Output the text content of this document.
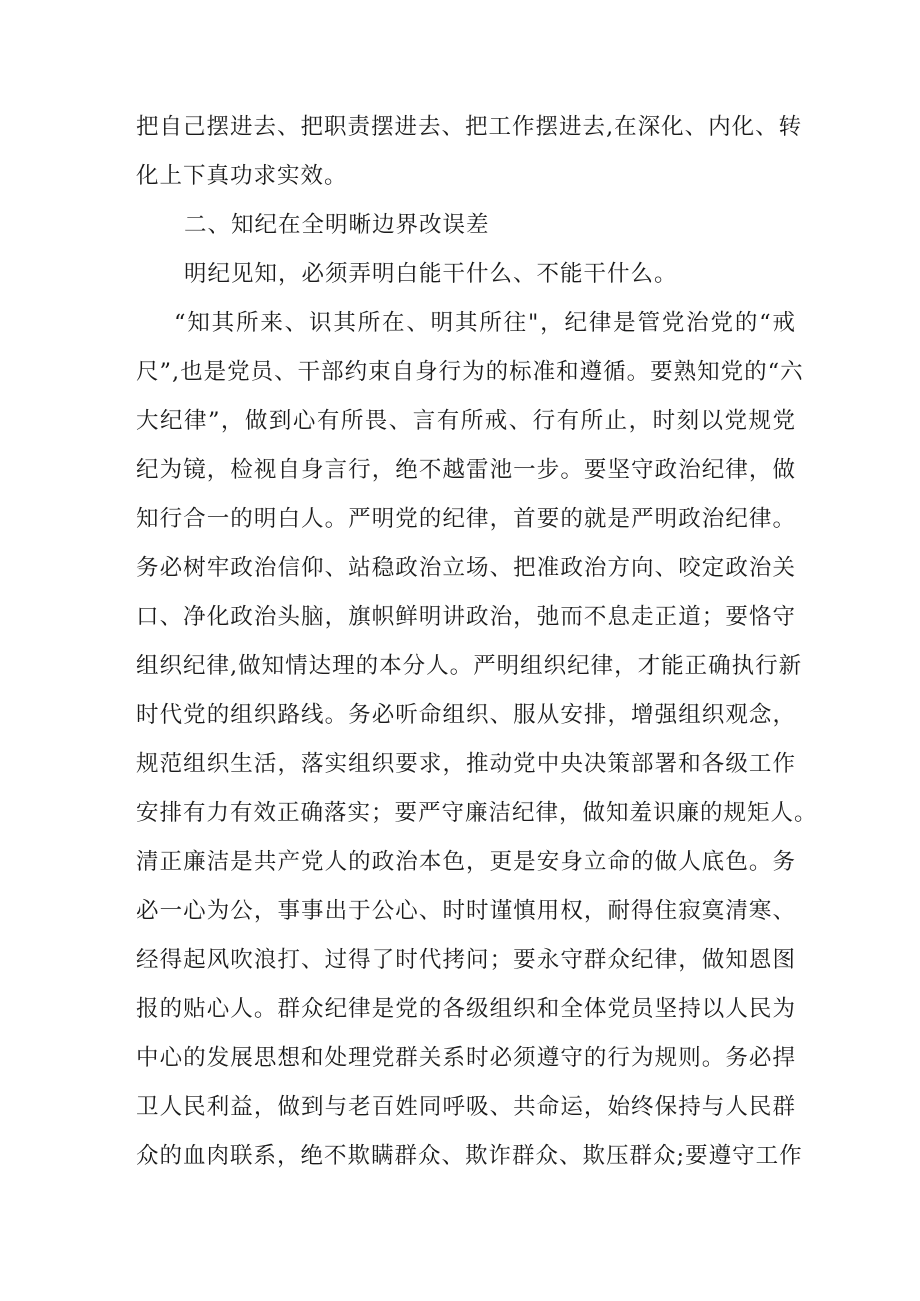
把自己摆进去、把职责摆进去、把工作摆进去,在深化、内化、转
化上下真功求实效。
二、知纪在全明晰边界改误差
明纪见知，必须弄明白能干什么、不能干什么。
“知其所来、识其所在、明其所往"，纪律是管党治党的“戒
尺”,也是党员、干部约束自身行为的标准和遵循。要熟知党的“六
大纪律”，做到心有所畏、言有所戒、行有所止，时刻以党规党
纪为镜，检视自身言行，绝不越雷池一步。要坚守政治纪律，做
知行合一的明白人。严明党的纪律，首要的就是严明政治纪律。
务必树牢政治信仰、站稳政治立场、把准政治方向、咬定政治关
口、净化政治头脑，旗帜鲜明讲政治，弛而不息走正道；要恪守
组织纪律,做知情达理的本分人。严明组织纪律，才能正确执行新
时代党的组织路线。务必听命组织、服从安排，增强组织观念，
规范组织生活，落实组织要求，推动党中央决策部署和各级工作
安排有力有效正确落实；要严守廉洁纪律，做知羞识廉的规矩人。
清正廉洁是共产党人的政治本色，更是安身立命的做人底色。务
必一心为公，事事出于公心、时时谨慎用权，耐得住寂寞清寒、
经得起风吹浪打、过得了时代拷问；要永守群众纪律，做知恩图
报的贴心人。群众纪律是党的各级组织和全体党员坚持以人民为
中心的发展思想和处理党群关系时必须遵守的行为规则。务必捍
卫人民利益，做到与老百姓同呼吸、共命运，始终保持与人民群
众的血肉联系，绝不欺瞒群众、欺诈群众、欺压群众;要遵守工作
